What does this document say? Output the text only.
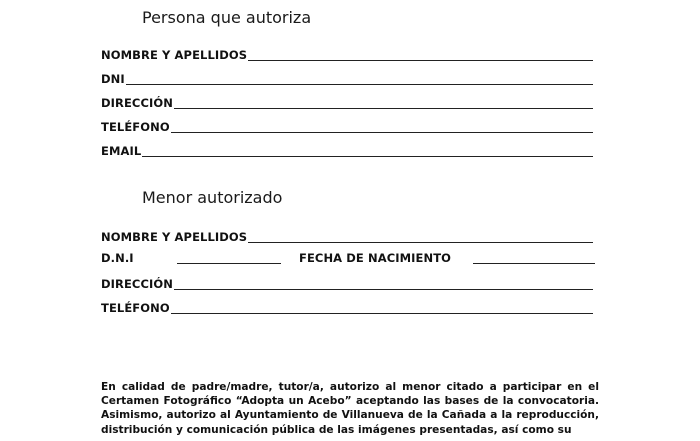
Persona que autoriza
NOMBRE Y APELLIDOS
DNI
DIRECCIÓN
TELÉFONO
EMAIL
Menor autorizado
NOMBRE Y APELLIDOS
D.N.I	FECHA DE NACIMIENTO
DIRECCIÓN
TELÉFONO

En calidad de padre/madre, tutor/a, autorizo al menor citado a participar en el Certamen Fotográfico “Adopta un Acebo” aceptando las bases de la convocatoria. Asimismo, autorizo al Ayuntamiento de Villanueva de la Cañada a la reproducción, distribución y comunicación pública de las imágenes presentadas, así como su
